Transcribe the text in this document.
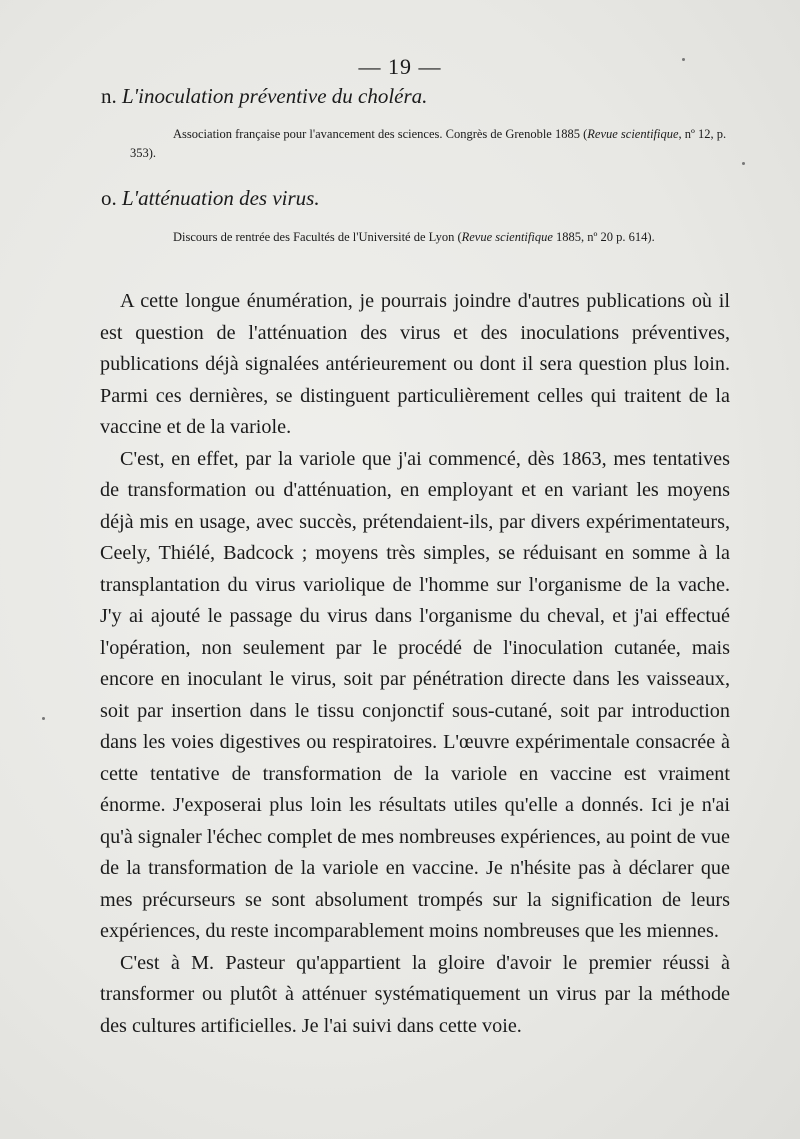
— 19 —
n. L'inoculation préventive du choléra.
Association française pour l'avancement des sciences. Congrès de Grenoble 1885 (Revue scientifique, nº 12, p. 353).
o. L'atténuation des virus.
Discours de rentrée des Facultés de l'Université de Lyon (Revue scientifique 1885, nº 20 p. 614).

A cette longue énumération, je pourrais joindre d'autres publications où il est question de l'atténuation des virus et des inoculations préventives, publications déjà signalées antérieurement ou dont il sera question plus loin. Parmi ces dernières, se distinguent particulièrement celles qui traitent de la vaccine et de la variole.

C'est, en effet, par la variole que j'ai commencé, dès 1863, mes tentatives de transformation ou d'atténuation, en employant et en variant les moyens déjà mis en usage, avec succès, prétendaient-ils, par divers expérimentateurs, Ceely, Thiélé, Badcock ; moyens très simples, se réduisant en somme à la transplantation du virus variolique de l'homme sur l'organisme de la vache. J'y ai ajouté le passage du virus dans l'organisme du cheval, et j'ai effectué l'opération, non seulement par le procédé de l'inoculation cutanée, mais encore en inoculant le virus, soit par pénétration directe dans les vaisseaux, soit par insertion dans le tissu conjonctif sous-cutané, soit par introduction dans les voies digestives ou respiratoires. L'œuvre expérimentale consacrée à cette tentative de transformation de la variole en vaccine est vraiment énorme. J'exposerai plus loin les résultats utiles qu'elle a donnés. Ici je n'ai qu'à signaler l'échec complet de mes nombreuses expériences, au point de vue de la transformation de la variole en vaccine. Je n'hésite pas à déclarer que mes précurseurs se sont absolument trompés sur la signification de leurs expériences, du reste incomparablement moins nombreuses que les miennes.

C'est à M. Pasteur qu'appartient la gloire d'avoir le premier réussi à transformer ou plutôt à atténuer systématiquement un virus par la méthode des cultures artificielles. Je l'ai suivi dans cette voie.
